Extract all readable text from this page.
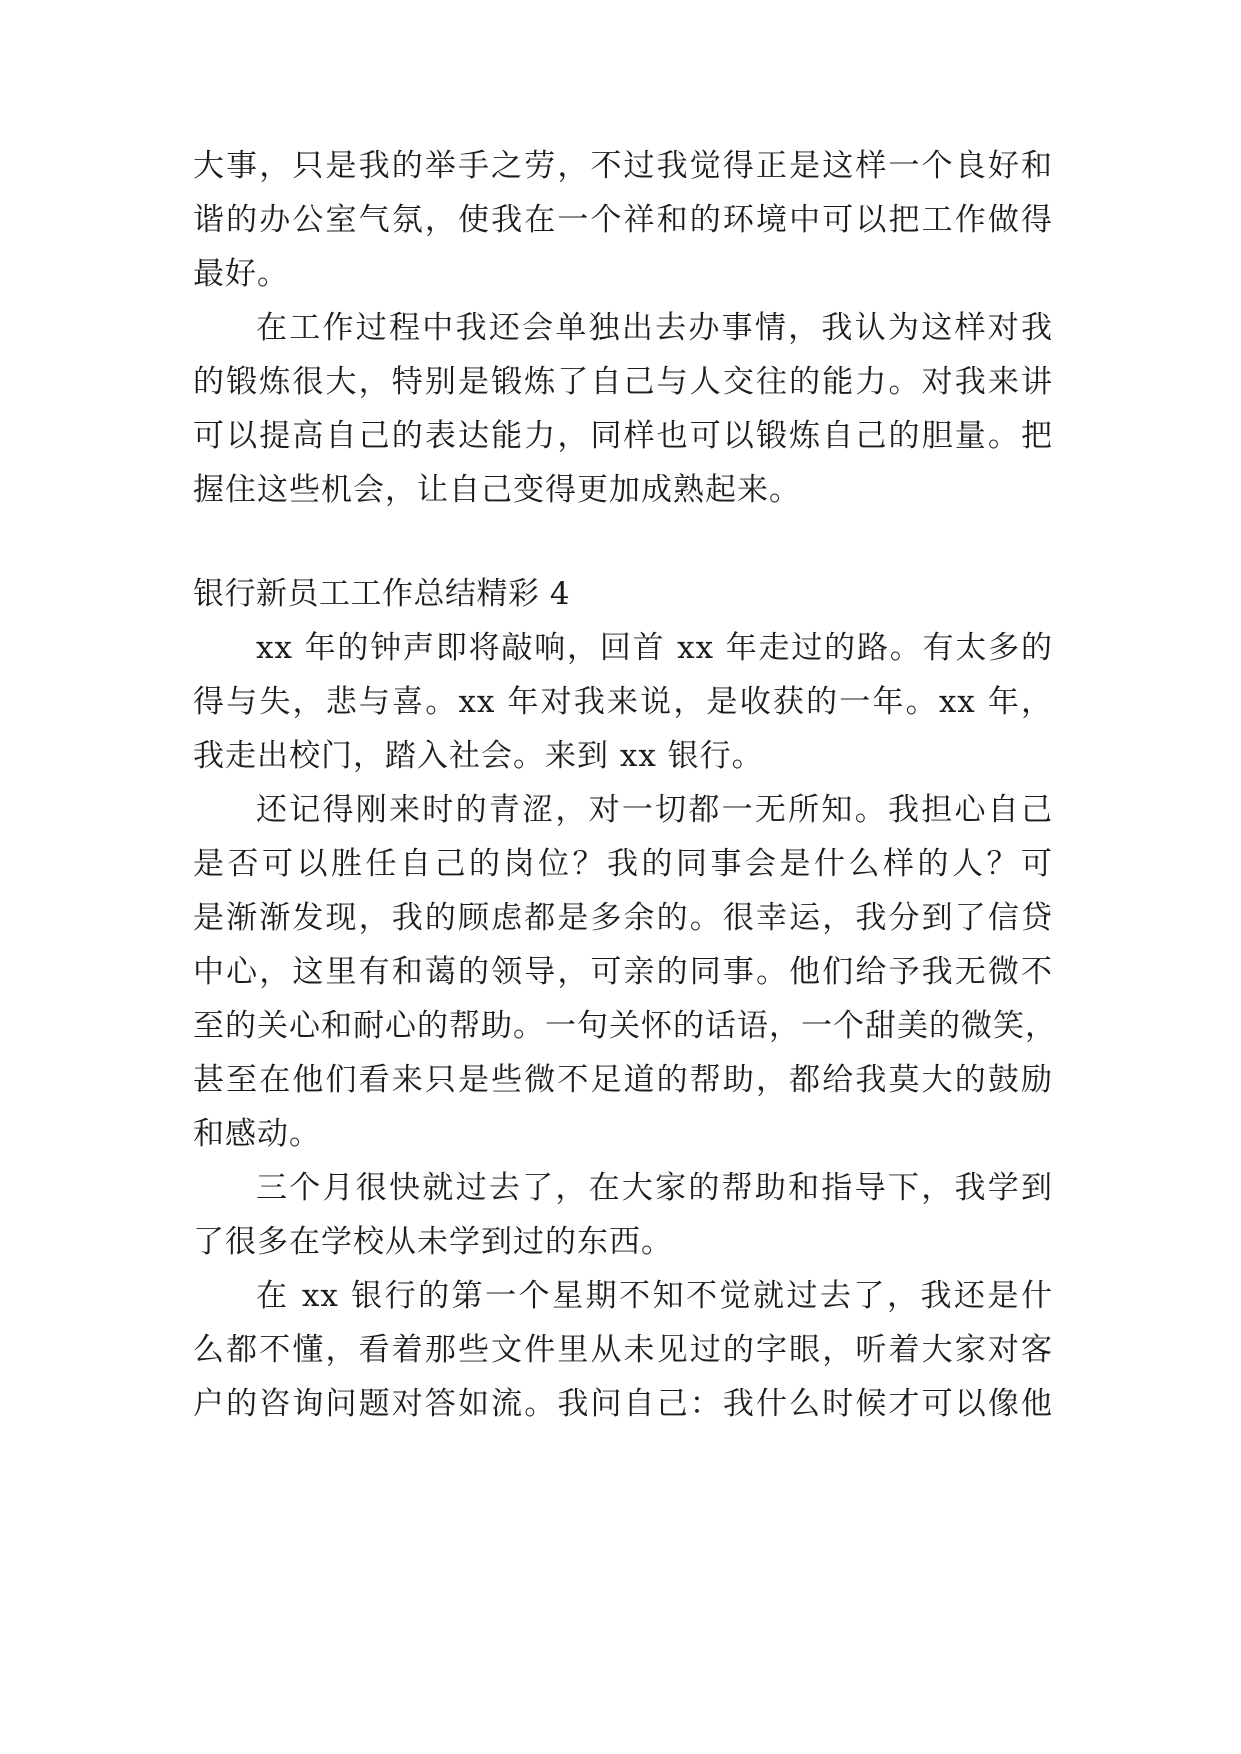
大事，只是我的举手之劳，不过我觉得正是这样一个良好和

谐的办公室气氛，使我在一个祥和的环境中可以把工作做得

最好。

在工作过程中我还会单独出去办事情，我认为这样对我

的锻炼很大，特别是锻炼了自己与人交往的能力。对我来讲

可以提高自己的表达能力，同样也可以锻炼自己的胆量。把

握住这些机会，让自己变得更加成熟起来。

银行新员工工作总结精彩 4

xx 年的钟声即将敲响，回首 xx 年走过的路。有太多的

得与失，悲与喜。xx 年对我来说，是收获的一年。xx 年，

我走出校门，踏入社会。来到 xx 银行。

还记得刚来时的青涩，对一切都一无所知。我担心自己

是否可以胜任自己的岗位？我的同事会是什么样的人？可

是渐渐发现，我的顾虑都是多余的。很幸运，我分到了信贷

中心，这里有和蔼的领导，可亲的同事。他们给予我无微不

至的关心和耐心的帮助。一句关怀的话语，一个甜美的微笑，

甚至在他们看来只是些微不足道的帮助，都给我莫大的鼓励

和感动。

三个月很快就过去了，在大家的帮助和指导下，我学到

了很多在学校从未学到过的东西。

在 xx 银行的第一个星期不知不觉就过去了，我还是什

么都不懂，看着那些文件里从未见过的字眼，听着大家对客

户的咨询问题对答如流。我问自己：我什么时候才可以像他
